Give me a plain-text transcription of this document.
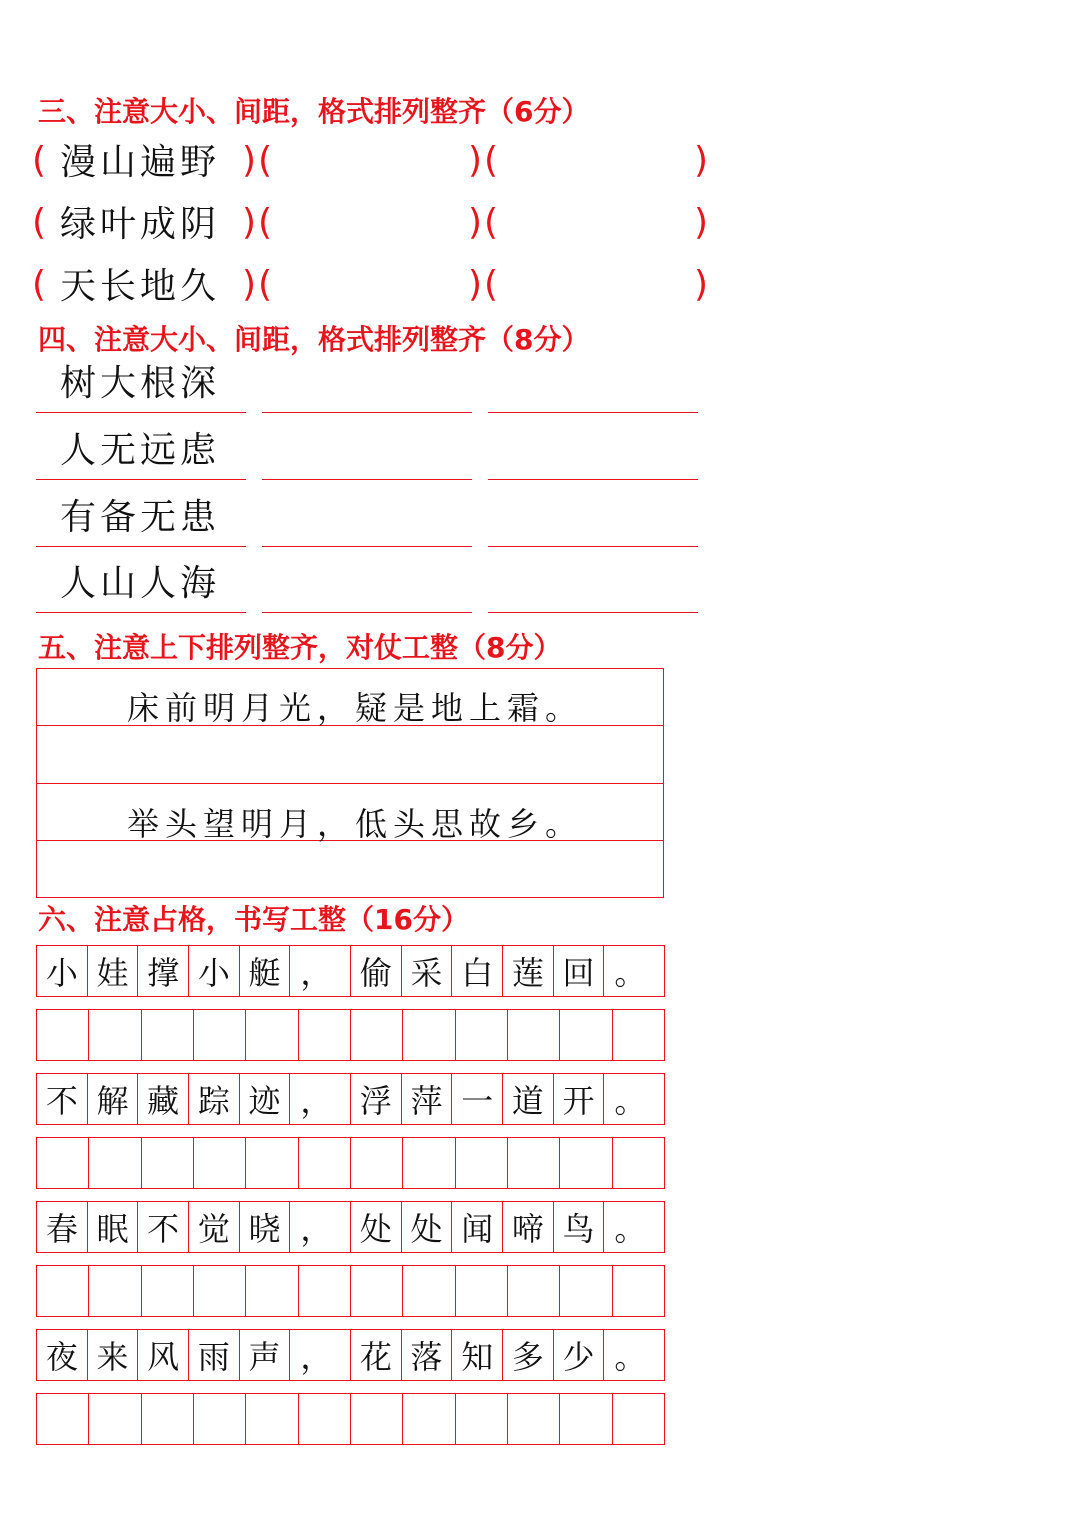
三、注意大小、间距，格式排列整齐（6分）
( 漫山遍野 ) (	) (	)
( 绿叶成阴 ) (	) (	)
( 天长地久 ) (	) (	)
四、注意大小、间距，格式排列整齐（8分）
树大根深
人无远虑
有备无患
人山人海
五、注意上下排列整齐，对仗工整（8分）
床前明月光，疑是地上霜。
举头望明月，低头思故乡。
六、注意占格，书写工整（16分）
小 娃 撑 小 艇 ， 偷 采 白 莲 回 。
不 解 藏 踪 迹 ， 浮 萍 一 道 开 。
春 眠 不 觉 晓 ， 处 处 闻 啼 鸟 。
夜 来 风 雨 声 ， 花 落 知 多 少 。
